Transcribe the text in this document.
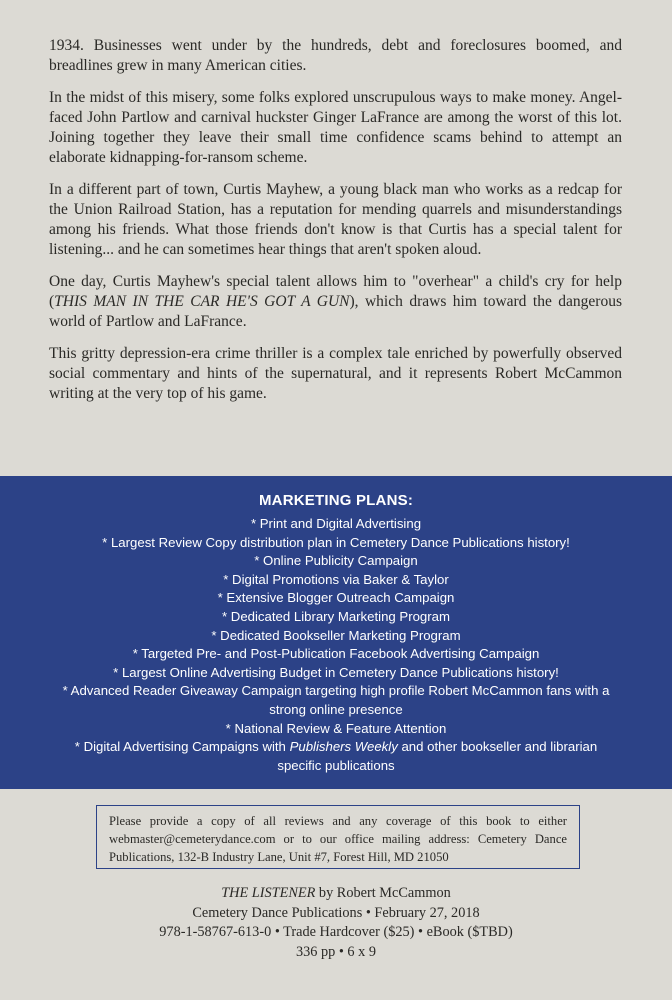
1934. Businesses went under by the hundreds, debt and foreclosures boomed, and breadlines grew in many American cities.

In the midst of this misery, some folks explored unscrupulous ways to make money. Angel-faced John Partlow and carnival huckster Ginger LaFrance are among the worst of this lot. Joining together they leave their small time confidence scams behind to attempt an elaborate kidnapping-for-ransom scheme.

In a different part of town, Curtis Mayhew, a young black man who works as a redcap for the Union Railroad Station, has a reputation for mending quarrels and misunderstandings among his friends. What those friends don't know is that Curtis has a special talent for listening... and he can sometimes hear things that aren't spoken aloud.

One day, Curtis Mayhew's special talent allows him to "overhear" a child's cry for help (THIS MAN IN THE CAR HE'S GOT A GUN), which draws him toward the dangerous world of Partlow and LaFrance.

This gritty depression-era crime thriller is a complex tale enriched by powerfully observed social commentary and hints of the supernatural, and it represents Robert McCammon writing at the very top of his game.

MARKETING PLANS:
* Print and Digital Advertising
* Largest Review Copy distribution plan in Cemetery Dance Publications history!
* Online Publicity Campaign
* Digital Promotions via Baker & Taylor
* Extensive Blogger Outreach Campaign
* Dedicated Library Marketing Program
* Dedicated Bookseller Marketing Program
* Targeted Pre- and Post-Publication Facebook Advertising Campaign
* Largest Online Advertising Budget in Cemetery Dance Publications history!
* Advanced Reader Giveaway Campaign targeting high profile Robert McCammon fans with a strong online presence
* National Review & Feature Attention
* Digital Advertising Campaigns with Publishers Weekly and other bookseller and librarian specific publications

Please provide a copy of all reviews and any coverage of this book to either webmaster@cemeterydance.com or to our office mailing address: Cemetery Dance Publications, 132-B Industry Lane, Unit #7, Forest Hill, MD 21050

THE LISTENER by Robert McCammon
Cemetery Dance Publications • February 27, 2018
978-1-58767-613-0 • Trade Hardcover ($25) • eBook ($TBD)
336 pp • 6 x 9
